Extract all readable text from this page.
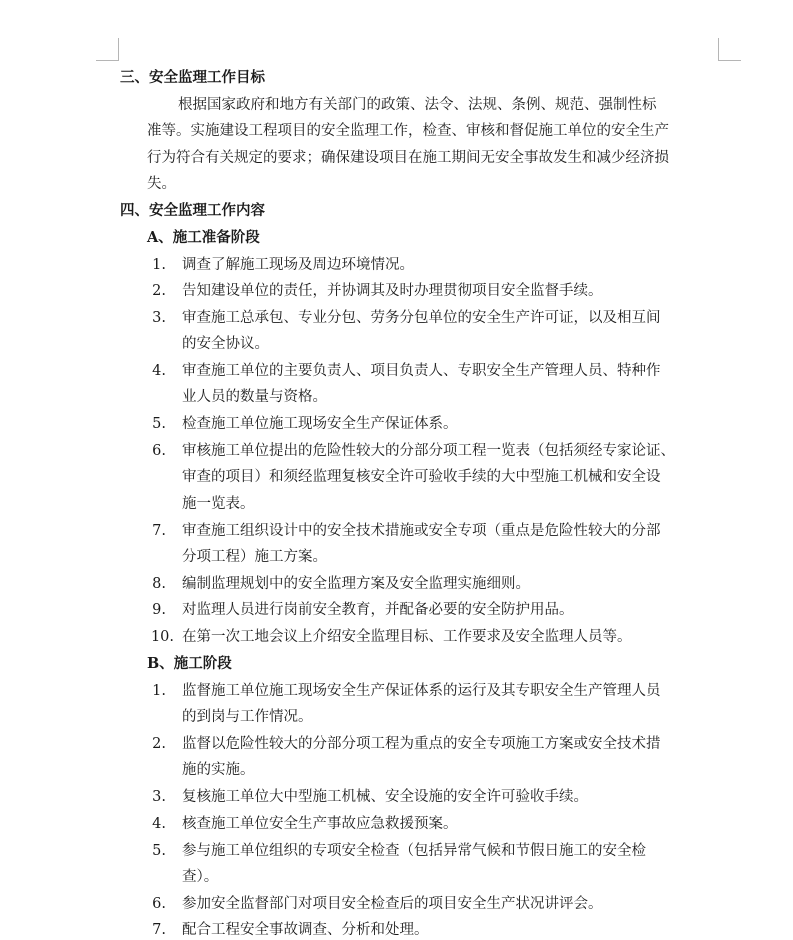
三、安全监理工作目标
根据国家政府和地方有关部门的政策、法令、法规、条例、规范、强制性标
准等。实施建设工程项目的安全监理工作，检查、审核和督促施工单位的安全生产
行为符合有关规定的要求；确保建设项目在施工期间无安全事故发生和减少经济损
失。
四、安全监理工作内容
A、施工准备阶段
1. 调查了解施工现场及周边环境情况。
2. 告知建设单位的责任，并协调其及时办理贯彻项目安全监督手续。
3. 审查施工总承包、专业分包、劳务分包单位的安全生产许可证，以及相互间
的安全协议。
4. 审查施工单位的主要负责人、项目负责人、专职安全生产管理人员、特种作
业人员的数量与资格。
5. 检查施工单位施工现场安全生产保证体系。
6. 审核施工单位提出的危险性较大的分部分项工程一览表（包括须经专家论证、
审查的项目）和须经监理复核安全许可验收手续的大中型施工机械和安全设
施一览表。
7. 审查施工组织设计中的安全技术措施或安全专项（重点是危险性较大的分部
分项工程）施工方案。
8. 编制监理规划中的安全监理方案及安全监理实施细则。
9. 对监理人员进行岗前安全教育，并配备必要的安全防护用品。
10. 在第一次工地会议上介绍安全监理目标、工作要求及安全监理人员等。
B、施工阶段
1. 监督施工单位施工现场安全生产保证体系的运行及其专职安全生产管理人员
的到岗与工作情况。
2. 监督以危险性较大的分部分项工程为重点的安全专项施工方案或安全技术措
施的实施。
3. 复核施工单位大中型施工机械、安全设施的安全许可验收手续。
4. 核查施工单位安全生产事故应急救援预案。
5. 参与施工单位组织的专项安全检查（包括异常气候和节假日施工的安全检
查）。
6. 参加安全监督部门对项目安全检查后的项目安全生产状况讲评会。
7. 配合工程安全事故调查、分析和处理。
